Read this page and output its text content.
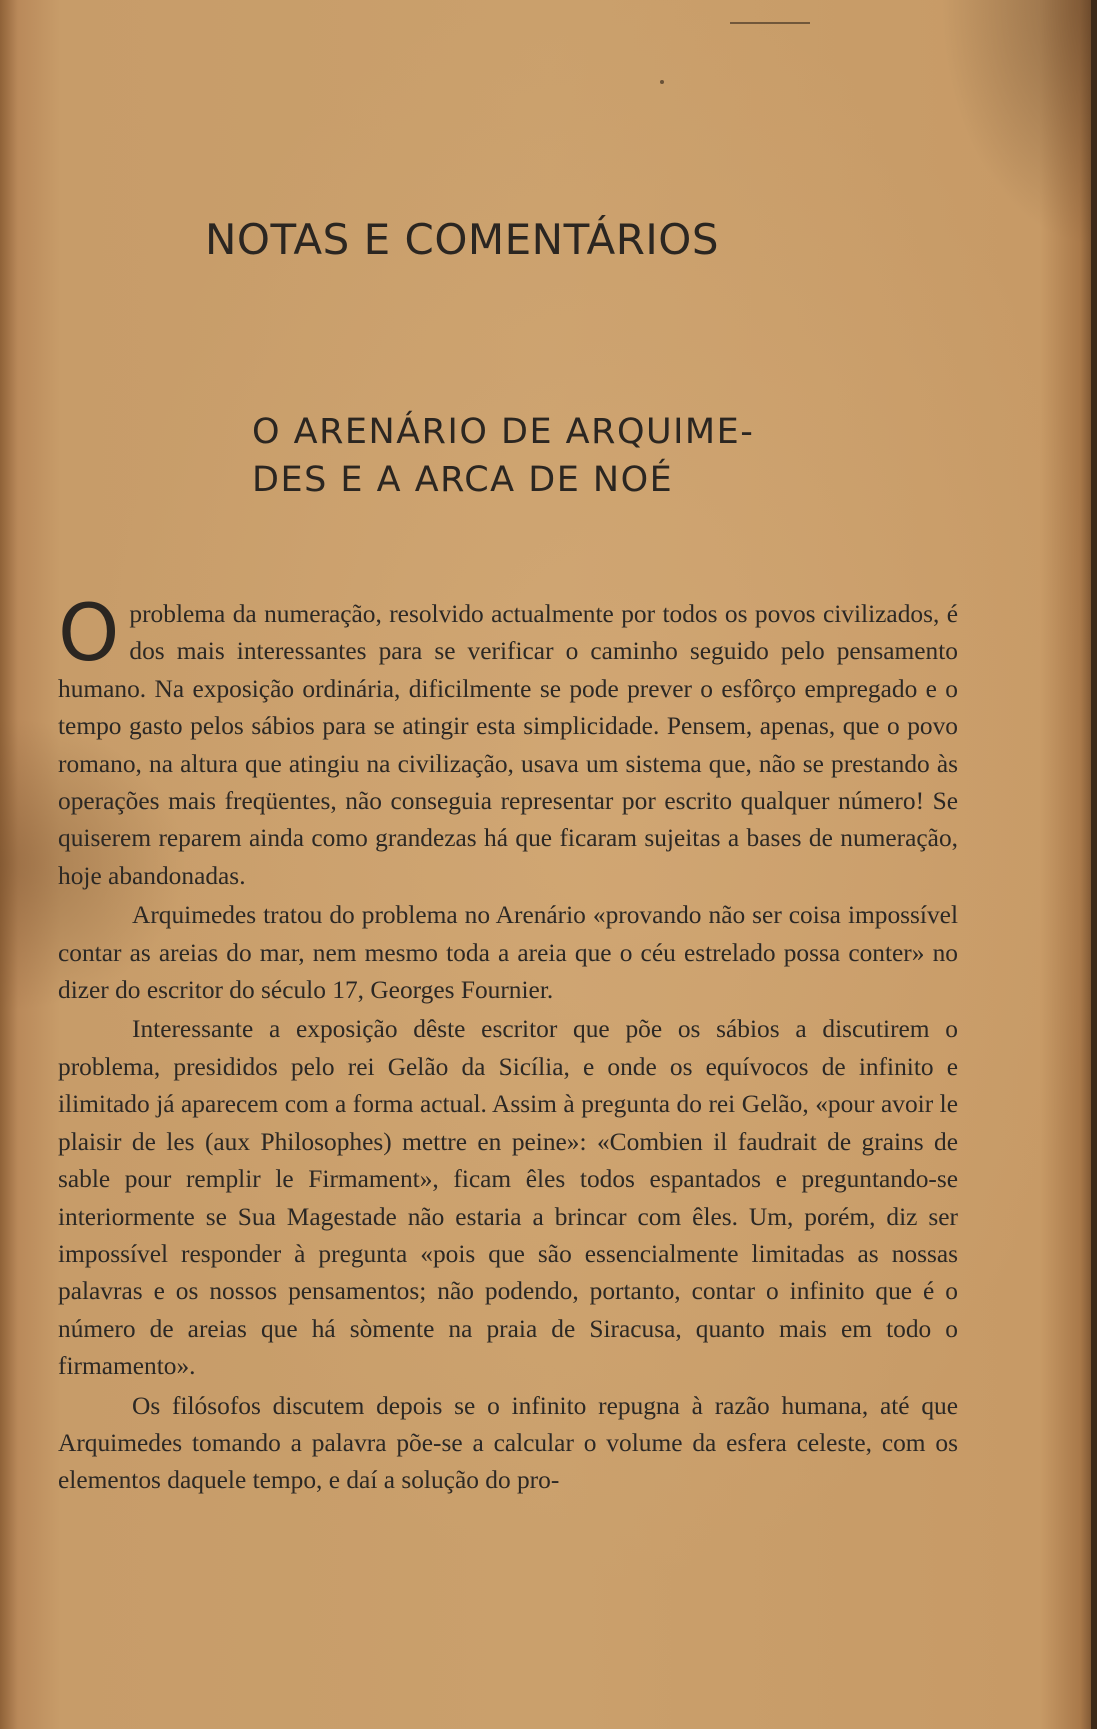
NOTAS E COMENTÁRIOS
O ARENÁRIO DE ARQUIME-
DES E A ARCA DE NOÉ

Oproblema da numeração, resolvido actualmente por todos os povos civilizados, é dos mais interessantes para se verificar o caminho seguido pelo pensamento humano. Na exposição ordinária, dificilmente se pode prever o esfôrço empregado e o tempo gasto pelos sábios para se atingir esta simplicidade. Pensem, apenas, que o povo romano, na altura que atingiu na civilização, usava um sistema que, não se prestando às operações mais freqüentes, não conseguia representar por escrito qualquer número! Se quiserem reparem ainda como grandezas há que ficaram sujeitas a bases de numeração, hoje abandonadas.

Arquimedes tratou do problema no Arenário «provando não ser coisa impossível contar as areias do mar, nem mesmo toda a areia que o céu estrelado possa conter» no dizer do escritor do século 17, Georges Fournier.

Interessante a exposição dêste escritor que põe os sábios a discutirem o problema, presididos pelo rei Gelão da Sicília, e onde os equívocos de infinito e ilimitado já aparecem com a forma actual. Assim à pregunta do rei Gelão, «pour avoir le plaisir de les (aux Philosophes) mettre en peine»: «Combien il faudrait de grains de sable pour remplir le Firmament», ficam êles todos espantados e preguntando-se interiormente se Sua Magestade não estaria a brincar com êles. Um, porém, diz ser impossível responder à pregunta «pois que são essencialmente limitadas as nossas palavras e os nossos pensamentos; não podendo, portanto, contar o infinito que é o número de areias que há sòmente na praia de Siracusa, quanto mais em todo o firmamento».

Os filósofos discutem depois se o infinito repugna à razão humana, até que Arquimedes tomando a palavra põe-se a calcular o volume da esfera celeste, com os elementos daquele tempo, e daí a solução do pro-
